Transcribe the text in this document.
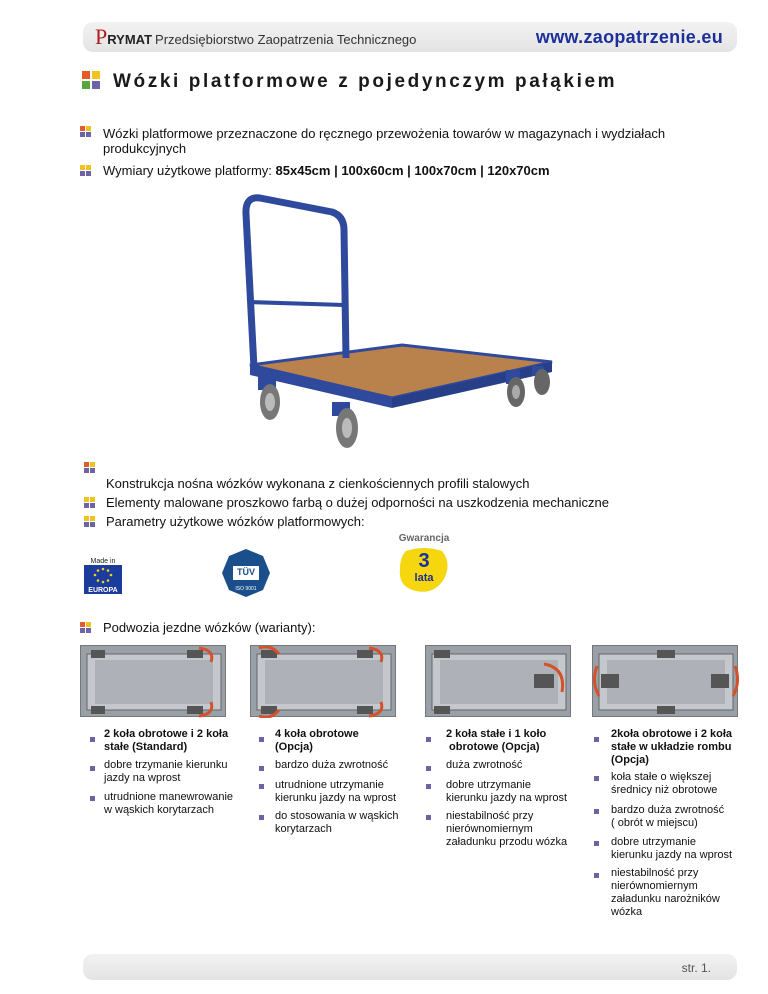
PRYMAT Przedsiębiorstwo Zaopatrzenia Technicznego	www.zaopatrzenie.eu
Wózki platformowe z pojedynczym pałąkiem
Wózki platformowe przeznaczone do ręcznego przewożenia towarów w magazynach i wydziałach
produkcyjnych
Wymiary użytkowe platformy: 85x45cm | 100x60cm | 100x70cm | 120x70cm
Konstrukcja nośna wózków wykonana z cienkościennych profili stalowych
Elementy malowane proszkowo farbą o dużej odporności na uszkodzenia mechaniczne
Parametry użytkowe wózków platformowych:
Made in
EUROPA
TÜV
ISO 9001
Gwarancja
3
lata
Podwozia jezdne wózków (warianty):
2 koła obrotowe i 2 koła
stałe (Standard)
dobre trzymanie kierunku
jazdy na wprost
utrudnione manewrowanie
w wąskich korytarzach
4 koła obrotowe
(Opcja)
bardzo duża zwrotność
utrudnione utrzymanie
kierunku jazdy na wprost
do stosowania w wąskich
korytarzach
2 koła stałe i 1 koło
obrotowe (Opcja)
duża zwrotność
dobre utrzymanie
kierunku jazdy na wprost
niestabilność przy
nierównomiernym
załadunku przodu wózka
2koła obrotowe i 2 koła
stałe w układzie rombu
(Opcja)
koła stałe o większej
średnicy niż obrotowe
bardzo duża zwrotność
( obrót w miejscu)
dobre utrzymanie
kierunku jazdy na wprost
niestabilność przy
nierównomiernym
załadunku narożników
wózka
str. 1.
